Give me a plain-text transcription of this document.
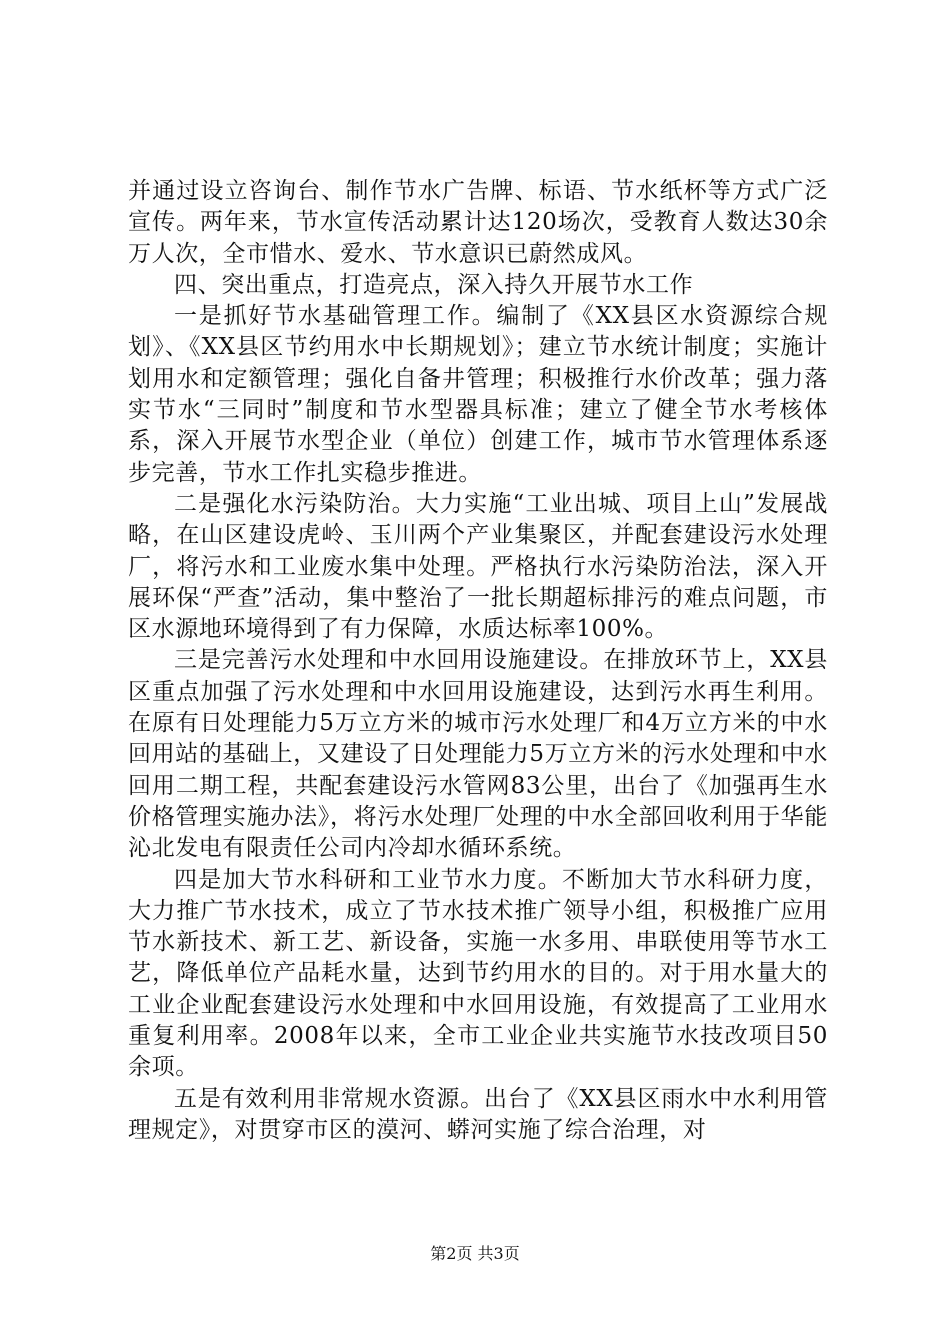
并通过设立咨询台、制作节水广告牌、标语、节水纸杯等方式广泛宣传。两年来，节水宣传活动累计达120场次，受教育人数达30余万人次，全市惜水、爱水、节水意识已蔚然成风。

四、突出重点，打造亮点，深入持久开展节水工作

一是抓好节水基础管理工作。编制了《XX县区水资源综合规划》、《XX县区节约用水中长期规划》；建立节水统计制度；实施计划用水和定额管理；强化自备井管理；积极推行水价改革；强力落实节水“三同时”制度和节水型器具标准；建立了健全节水考核体系，深入开展节水型企业（单位）创建工作，城市节水管理体系逐步完善，节水工作扎实稳步推进。

二是强化水污染防治。大力实施“工业出城、项目上山”发展战略，在山区建设虎岭、玉川两个产业集聚区，并配套建设污水处理厂，将污水和工业废水集中处理。严格执行水污染防治法，深入开展环保“严查”活动，集中整治了一批长期超标排污的难点问题，市区水源地环境得到了有力保障，水质达标率100%。

三是完善污水处理和中水回用设施建设。在排放环节上，XX县区重点加强了污水处理和中水回用设施建设，达到污水再生利用。在原有日处理能力5万立方米的城市污水处理厂和4万立方米的中水回用站的基础上，又建设了日处理能力5万立方米的污水处理和中水回用二期工程，共配套建设污水管网83公里，出台了《加强再生水价格管理实施办法》，将污水处理厂处理的中水全部回收利用于华能沁北发电有限责任公司内冷却水循环系统。

四是加大节水科研和工业节水力度。不断加大节水科研力度，大力推广节水技术，成立了节水技术推广领导小组，积极推广应用节水新技术、新工艺、新设备，实施一水多用、串联使用等节水工艺，降低单位产品耗水量，达到节约用水的目的。对于用水量大的工业企业配套建设污水处理和中水回用设施，有效提高了工业用水重复利用率。2008年以来，全市工业企业共实施节水技改项目50余项。

五是有效利用非常规水资源。出台了《XX县区雨水中水利用管理规定》，对贯穿市区的漠河、蟒河实施了综合治理，对

第2页 共3页
